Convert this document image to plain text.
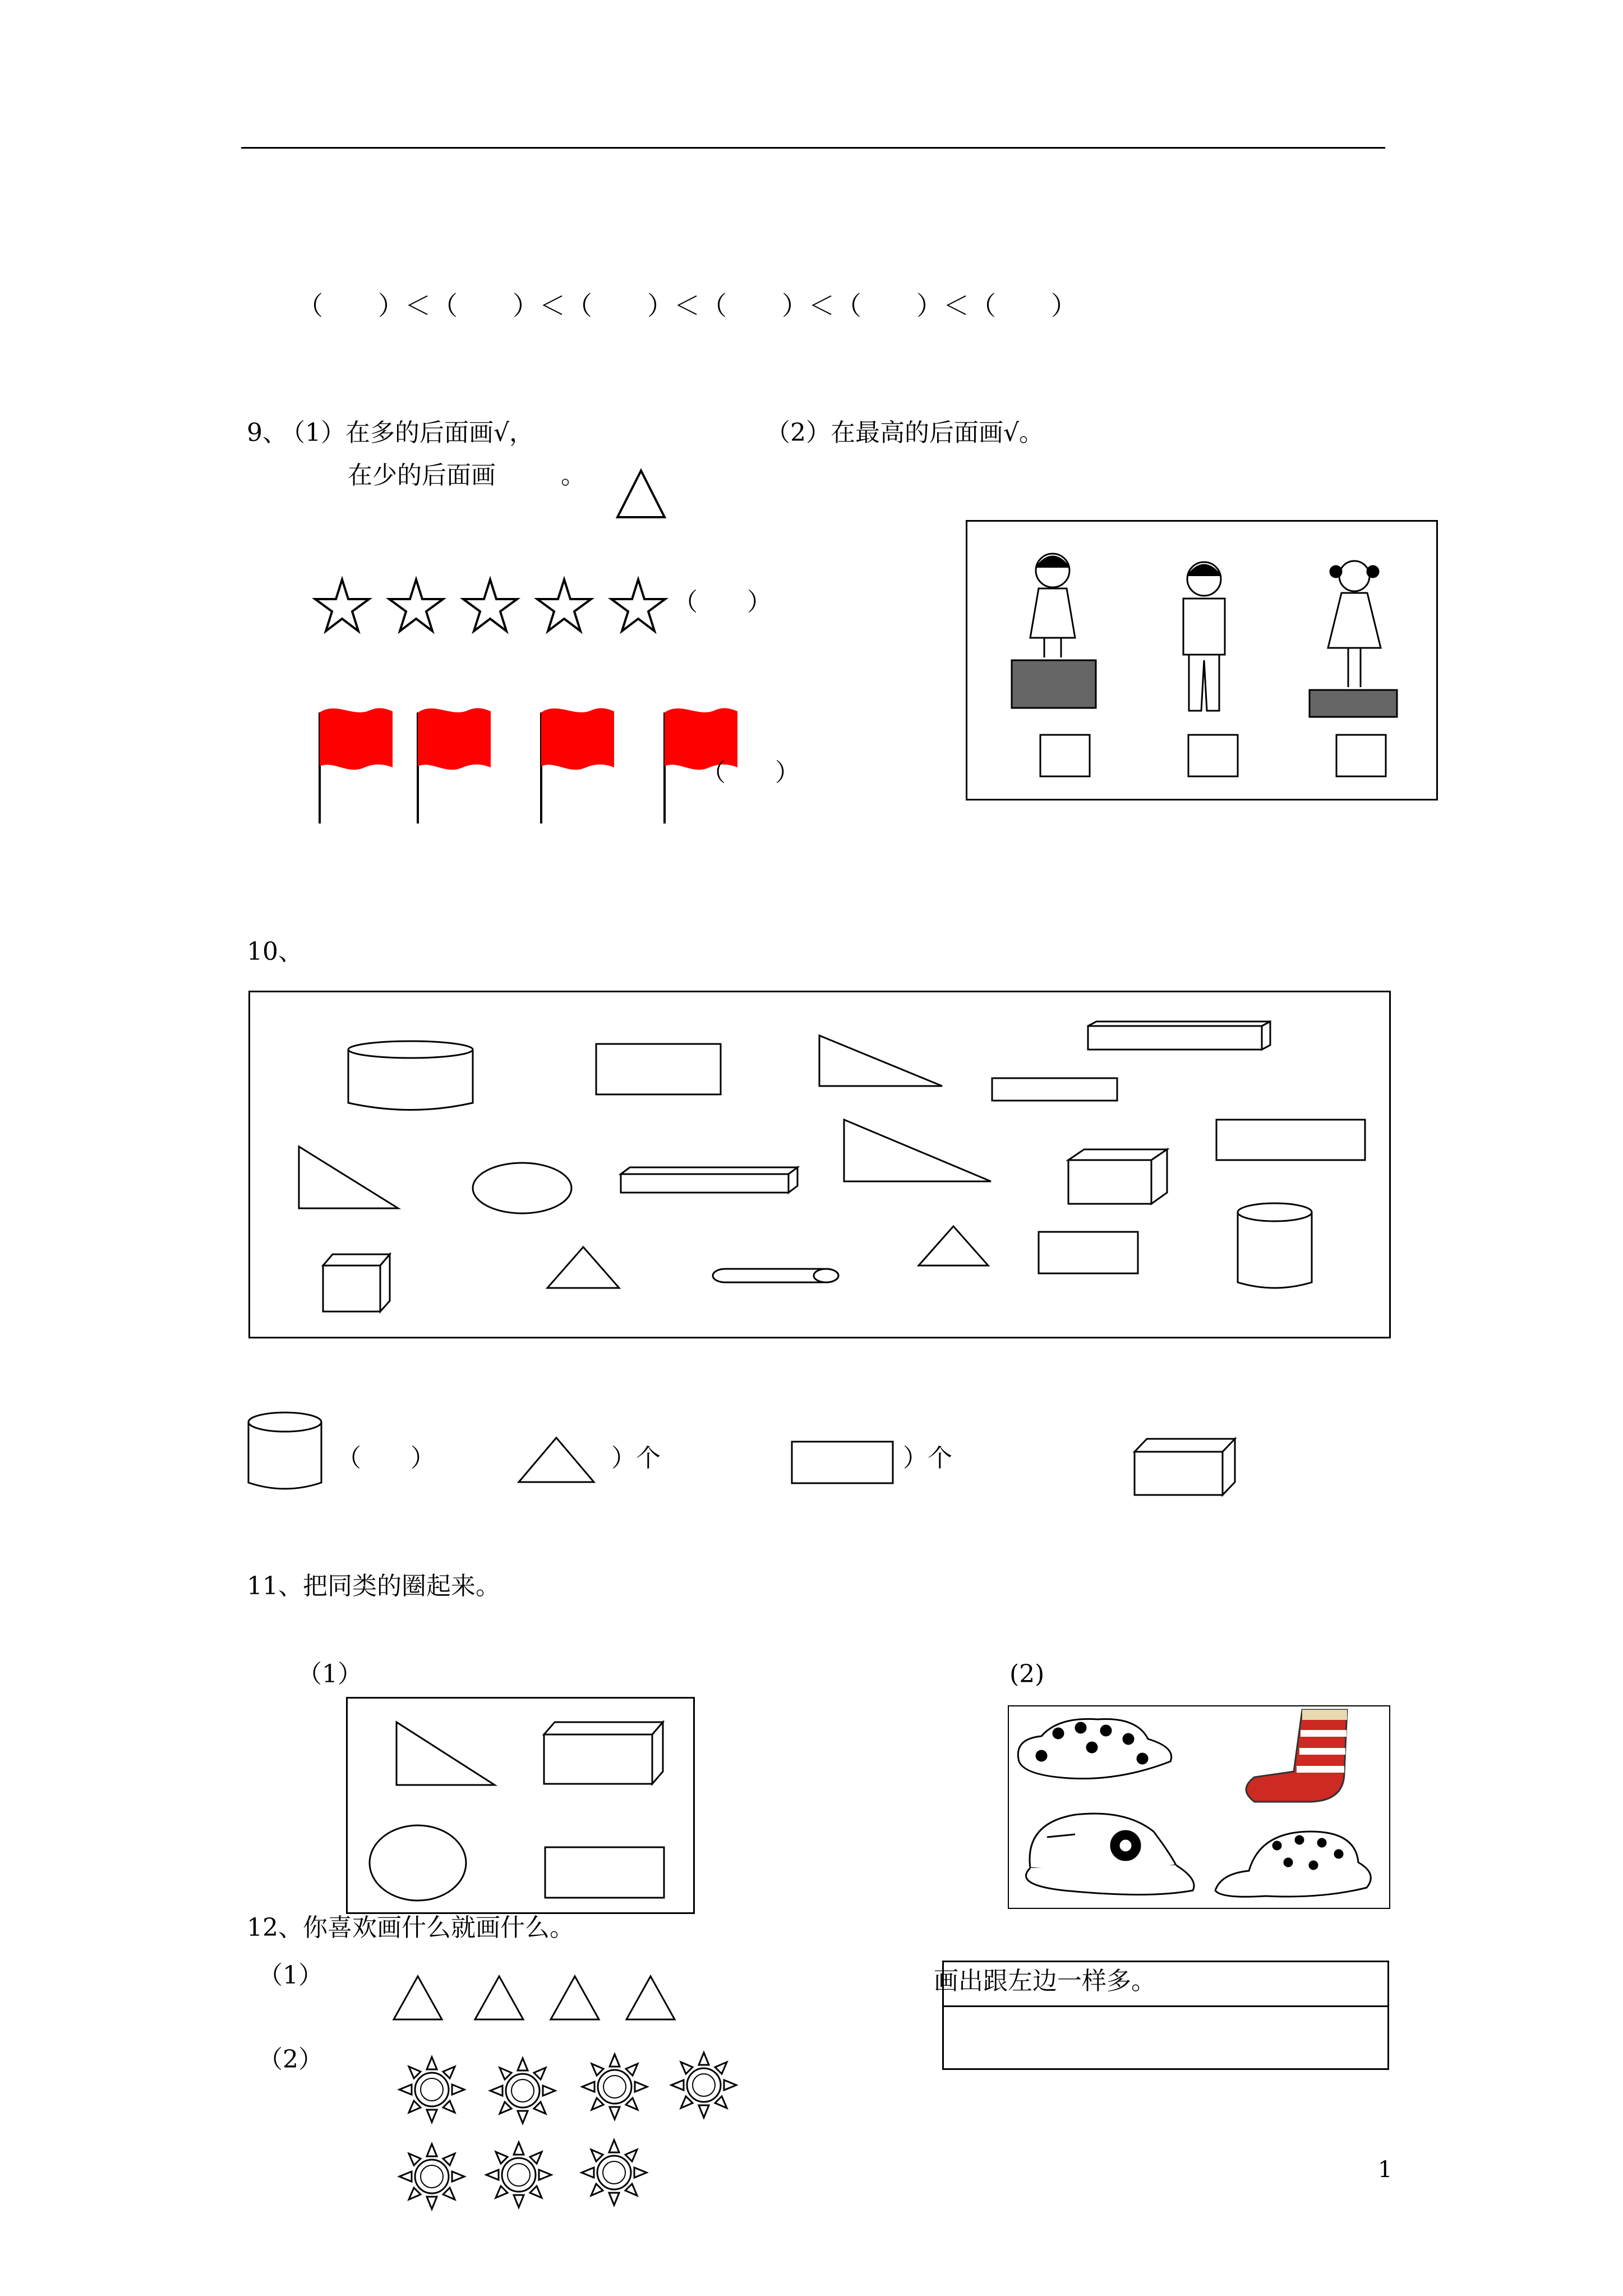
（　　）＜（　　）＜（　　）＜（　　）＜（　　）＜（　　）
9、
（1）在多的后面画√，
在少的后面画	。
（2）在最高的后面画√。
（　　）
（　　）
10、
（　　）	）个	）个
11、把同类的圈起来。
（1）	(2)
12、你喜欢画什么就画什么。
（1）
（2）
画出跟左边一样多。
1
